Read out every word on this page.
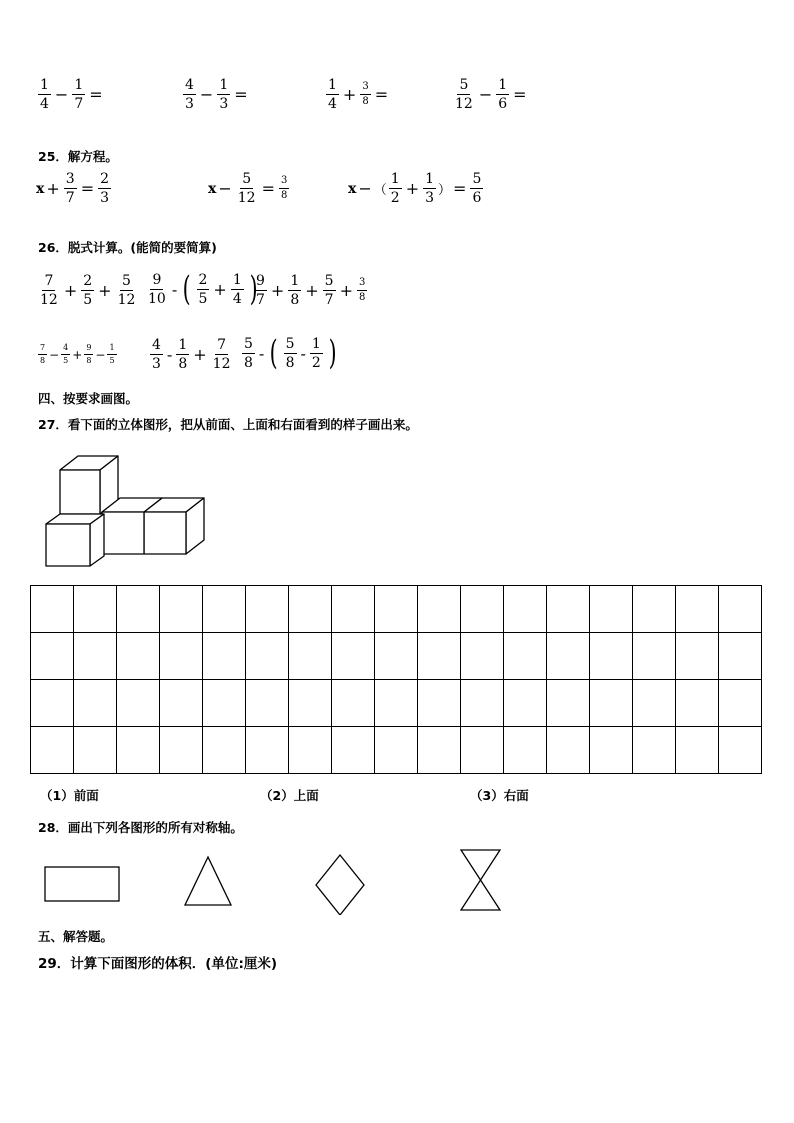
$\frac{1}{4} - \frac{1}{7}$ =	$\frac{4}{3} - \frac{1}{3}$ =	$\frac{1}{4} + \frac{3}{8}$ =	$\frac{5}{12} - \frac{1}{6}$ =
25．解方程。
$x + \frac{3}{7} = \frac{2}{3}$	$x - \frac{5}{12} = \frac{3}{8}$	x − （ $\frac{1}{2} + \frac{1}{3}$ ） = $\frac{5}{6}$
26．脱式计算。(能简的要简算)
$\frac{7}{12} + \frac{2}{5} + \frac{5}{12} \frac{9}{10}$ - ( $\frac{2}{5} + \frac{1}{4}$ )
$\frac{9}{7} + \frac{1}{8} + \frac{5}{7} + \frac{3}{8}$
$\frac{7}{8} - \frac{4}{5} + \frac{9}{8} - \frac{1}{5} \frac{4}{3} - \frac{1}{8} + \frac{7}{12} \frac{5}{8}$ - ( $\frac{5}{8} - \frac{1}{2}$ )
四、按要求画图。
27．看下面的立体图形，把从前面、上面和右面看到的样子画出来。

（1）前面	（2）上面	（3）右面
28．画出下列各图形的所有对称轴。
五、解答题。
29．计算下面图形的体积．(单位:厘米)
